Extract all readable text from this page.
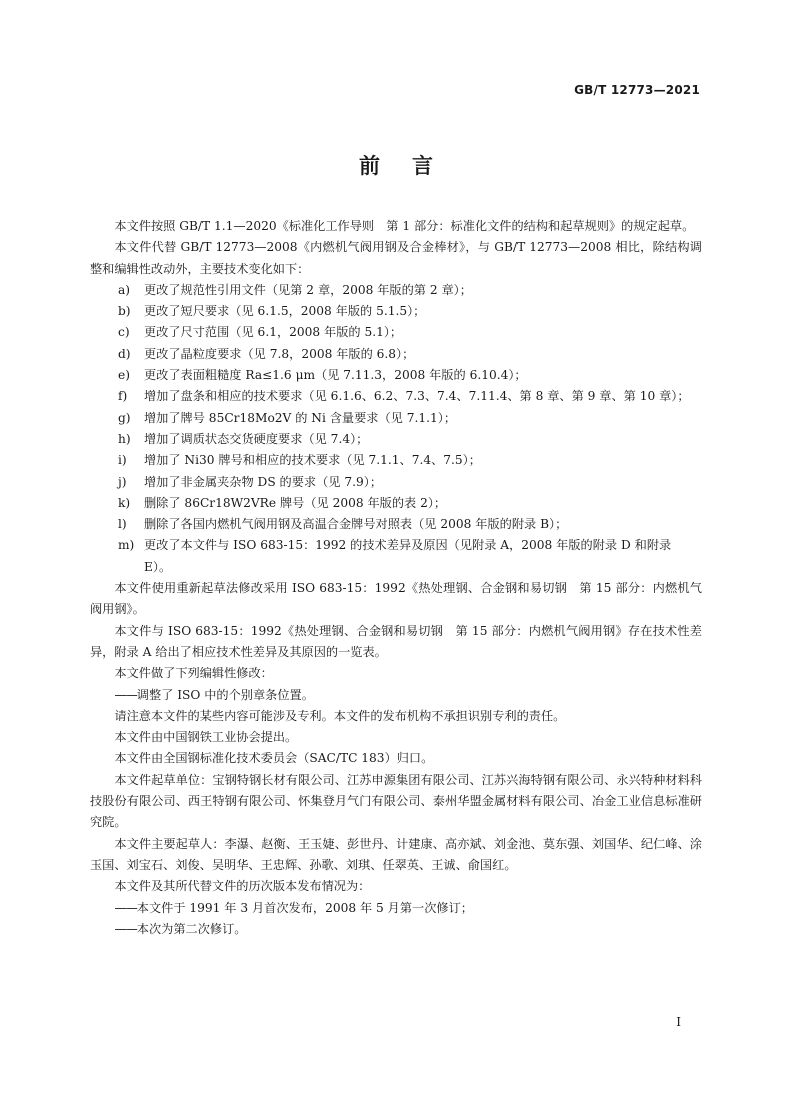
GB/T 12773—2021
前言

本文件按照 GB/T 1.1—2020《标准化工作导则　第 1 部分：标准化文件的结构和起草规则》的规定起草。

本文件代替 GB/T 12773—2008《内燃机气阀用钢及合金棒材》，与 GB/T 12773—2008 相比，除结构调整和编辑性改动外，主要技术变化如下：

a) 更改了规范性引用文件（见第 2 章，2008 年版的第 2 章）；
b) 更改了短尺要求（见 6.1.5，2008 年版的 5.1.5）；
c) 更改了尺寸范围（见 6.1，2008 年版的 5.1）；
d) 更改了晶粒度要求（见 7.8，2008 年版的 6.8）；
e) 更改了表面粗糙度 Ra≤1.6 μm（见 7.11.3，2008 年版的 6.10.4）；
f) 增加了盘条和相应的技术要求（见 6.1.6、6.2、7.3、7.4、7.11.4、第 8 章、第 9 章、第 10 章）；
g) 增加了牌号 85Cr18Mo2V 的 Ni 含量要求（见 7.1.1）；
h) 增加了调质状态交货硬度要求（见 7.4）；
i) 增加了 Ni30 牌号和相应的技术要求（见 7.1.1、7.4、7.5）；
j) 增加了非金属夹杂物 DS 的要求（见 7.9）；
k) 删除了 86Cr18W2VRe 牌号（见 2008 年版的表 2）；
l) 删除了各国内燃机气阀用钢及高温合金牌号对照表（见 2008 年版的附录 B）；
m) 更改了本文件与 ISO 683-15：1992 的技术差异及原因（见附录 A，2008 年版的附录 D 和附录 E）。

本文件使用重新起草法修改采用 ISO 683-15：1992《热处理钢、合金钢和易切钢　第 15 部分：内燃机气阀用钢》。

本文件与 ISO 683-15：1992《热处理钢、合金钢和易切钢　第 15 部分：内燃机气阀用钢》存在技术性差异，附录 A 给出了相应技术性差异及其原因的一览表。

本文件做了下列编辑性修改：

——调整了 ISO 中的个别章条位置。

请注意本文件的某些内容可能涉及专利。本文件的发布机构不承担识别专利的责任。

本文件由中国钢铁工业协会提出。

本文件由全国钢标准化技术委员会（SAC/TC 183）归口。

本文件起草单位：宝钢特钢长材有限公司、江苏申源集团有限公司、江苏兴海特钢有限公司、永兴特种材料科技股份有限公司、西王特钢有限公司、怀集登月气门有限公司、泰州华盟金属材料有限公司、冶金工业信息标准研究院。

本文件主要起草人：李瀑、赵衡、王玉婕、彭世丹、计建康、高亦斌、刘金池、莫东强、刘国华、纪仁峰、涂玉国、刘宝石、刘俊、吴明华、王忠辉、孙歌、刘琪、任翠英、王诚、俞国红。

本文件及其所代替文件的历次版本发布情况为：

——本文件于 1991 年 3 月首次发布，2008 年 5 月第一次修订；

——本次为第二次修订。

I
